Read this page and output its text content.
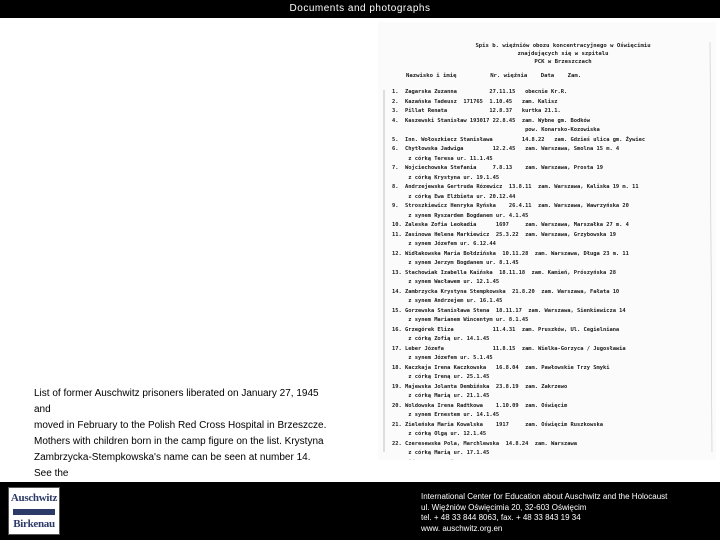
Documents and photographs
Spis b. więźniów obozu koncentracyjnego w Oświęcimiu
znajdujących się w szpitalu
PCK w Brzeszczach
Nazwisko i imię          Nr. więźnia    Data    Zam.
1.  Zagarska Zuzanna          27.11.15   obecnie Kr.R.
2.  Kazańska Tadeusz  171765  1.10.45   zam. Kalisz
3.  Pillat Renata             12.8.37   kurtka 21.1.
4.  Kaszewski Stanisław 193017 22.8.45  zam. Wybne gm. Bodków
pow. Konarsko-Kozowiska
5.  Inn. Wołoszkiecz Stanisława         14.8.22   zam. Gdzieś ulica gm. Żywiec
6.  Chytłowska Jadwiga         12.2.45   zam. Warszawa, Smolna 15 m. 4
z córką Teresa ur. 11.1.45
7.  Wojciechowska Stefania     7.8.13    zam. Warszawa, Prosta 19
z córką Krystyna ur. 19.1.45
8.  Andrzejewska Gertruda Rózewicz  13.8.11  zam. Warszawa, Kaliska 19 m. 11
z córką Ewa Elżbieta ur. 20.12.44
9.  Stroszkiewicz Henryka Ryńska    26.4.11  zam. Warszawa, Wawrzyńska 20
z synem Ryszardem Bogdanem ur. 4.1.45
10. Zaleska Zofia Leokadia      1697     zam. Warszawa, Marszałka 27 m. 4
11. Zasinowa Helena Markiewicz  25.3.22  zam. Warszawa, Grzybowska 19
z synem Józefem ur. 6.12.44
12. Widłakowska Maria Bołdzińska  10.11.28  zam. Warszawa, Długa 23 m. 11
z synem Jerzym Bogdanem ur. 8.1.45
13. Stachowiak Izabella Kaińska  18.11.18  zam. Kamień, Prószyńska 28
z synem Wacławem ur. 12.1.45
14. Zambrzycka Krystyna Stempkowska  21.8.20  zam. Warszawa, Fałata 10
z synem Andrzejem ur. 16.1.45
15. Gorzewska Stanisława Stena  18.11.17  zam. Warszawa, Sienkiewicza 14
z synem Marianem Wincentym ur. 8.1.45
16. Grzegórek Eliza            11.4.31  zam. Pruszków, Ul. Cegielniana
z córką Zofią ur. 14.1.45
17. Leber Józefa               11.8.15  zam. Wielka-Gorzyca / Jugosławia
z synem Józefem ur. 5.1.45
18. Kaczkaja Irena Kaczkowska   16.8.04  zam. Pawłowskie Trzy Smyki
z córką Ireną ur. 25.1.45
19. Majewska Jolanta Dembińska  23.8.19  zam. Zakrzewo
z córką Marią ur. 21.1.45
20. Woldowska Irena Radtkowa    1.10.09  zam. Oświęcim
z synem Ernestem ur. 14.1.45
21. Zieleńska Maria Kowalska    1917     zam. Oświęcim Ruszkowska
z córką Olgą ur. 12.1.45
22. Czeresewska Pola, Marchlewska  14.8.24  zam. Warszawa
z córką Marią ur. 17.1.45

List of former Auschwitz prisoners liberated on January 27, 1945 and

moved in February to the Polish Red Cross Hospital in Brzeszcze.

Mothers with children born in the camp figure on the list. Krystyna

Zambrzycka-Stempkowska's name can be seen at number 14. See the

Auschwitz
Birkenau
International Center for Education about Auschwitz and the Holocaust
ul. Więźniów Oświęcimia 20, 32-603 Oświęcim
tel. + 48 33 844 8063, fax. + 48 33 843 19 34
www. auschwitz.org.en
